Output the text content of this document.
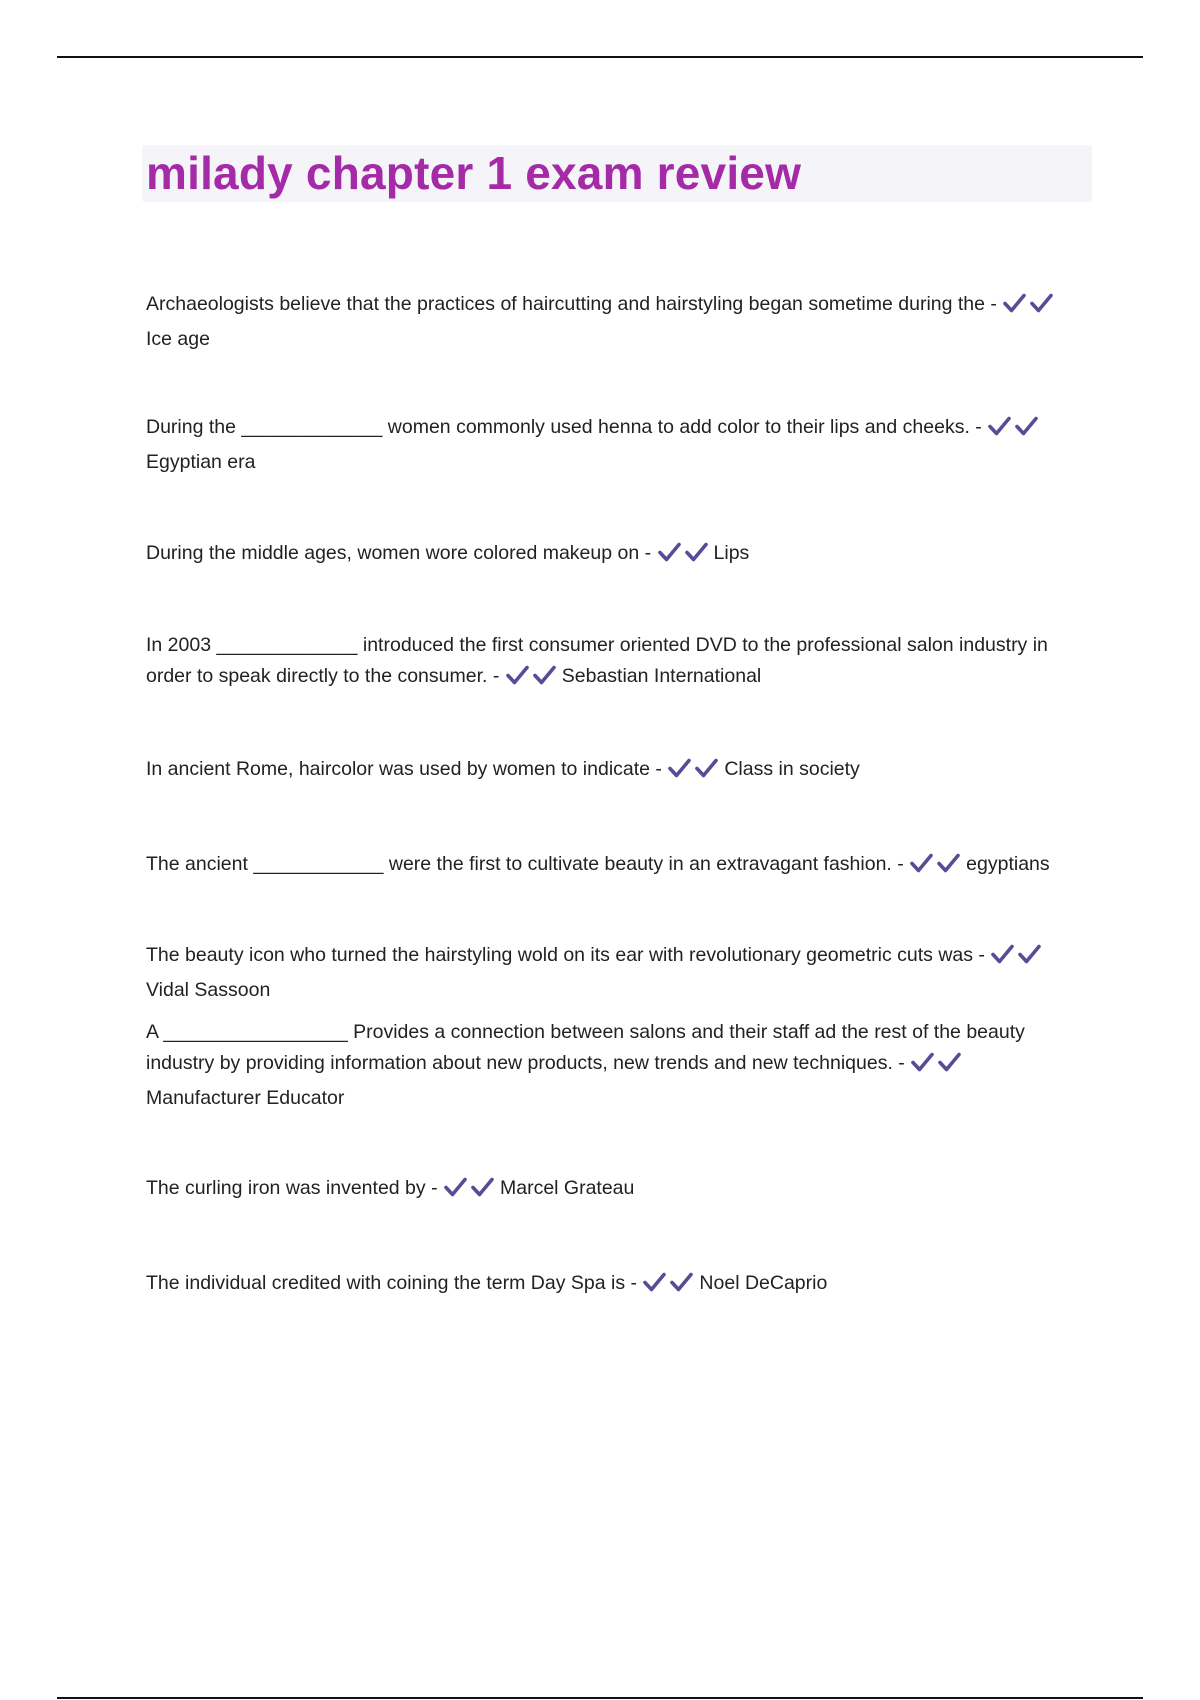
milady chapter 1 exam review

Archaeologists believe that the practices of haircutting and hairstyling began sometime during the -
Ice age

During the _____________ women commonly used henna to add color to their lips and cheeks. -
Egyptian era

During the middle ages, women wore colored makeup on -	Lips

In 2003 _____________ introduced the first consumer oriented DVD to the professional salon industry in order to speak directly to the consumer. -	Sebastian International

In ancient Rome, haircolor was used by women to indicate -	Class in society

The ancient ____________ were the first to cultivate beauty in an extravagant fashion. -	egyptians

The beauty icon who turned the hairstyling wold on its ear with revolutionary geometric cuts was -
Vidal Sassoon

A _________________ Provides a connection between salons and their staff ad the rest of the beauty industry by providing information about new products, new trends and new techniques. -
Manufacturer Educator

The curling iron was invented by -	Marcel Grateau

The individual credited with coining the term Day Spa is -	Noel DeCaprio
